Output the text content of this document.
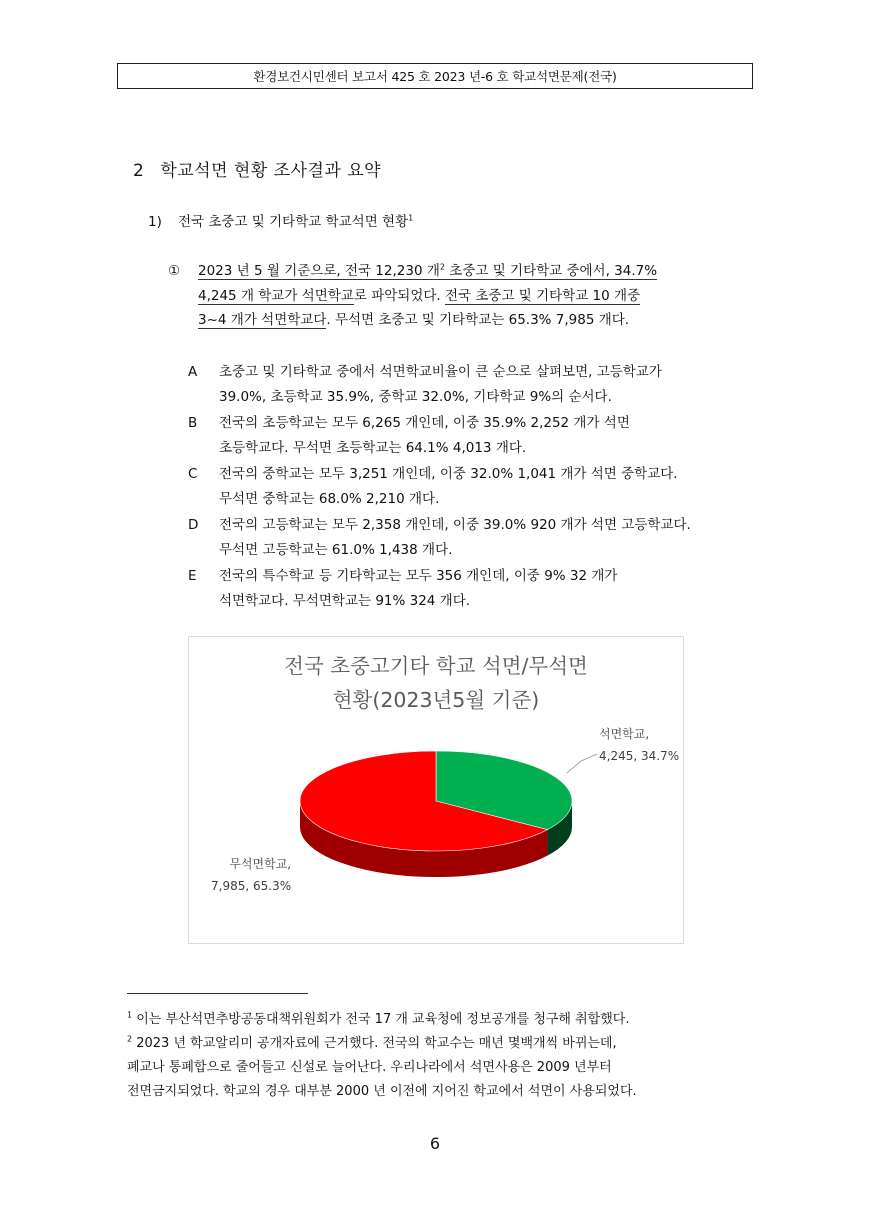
환경보건시민센터 보고서 425 호 2023 년-6 호 학교석면문제(전국)
2 학교석면 현황 조사결과 요약
1) 전국 초중고 및 기타학교 학교석면 현황$^1$
① 2023 년 5 월 기준으로, 전국 12,230 개$^2$ 초중고 및 기타학교 중에서, 34.7%
4,245 개 학교가 석면학교로 파악되었다. 전국 초중고 및 기타학교 10 개중
3~4 개가 석면학교다. 무석면 초중고 및 기타학교는 65.3% 7,985 개다.
A 초중고 및 기타학교 중에서 석면학교비율이 큰 순으로 살펴보면, 고등학교가
39.0%, 초등학교 35.9%, 중학교 32.0%, 기타학교 9%의 순서다.
B 전국의 초등학교는 모두 6,265 개인데, 이중 35.9% 2,252 개가 석면
초등학교다. 무석면 초등학교는 64.1% 4,013 개다.
C 전국의 중학교는 모두 3,251 개인데, 이중 32.0% 1,041 개가 석면 중학교다.
무석면 중학교는 68.0% 2,210 개다.
D 전국의 고등학교는 모두 2,358 개인데, 이중 39.0% 920 개가 석면 고등학교다.
무석면 고등학교는 61.0% 1,438 개다.
E 전국의 특수학교 등 기타학교는 모두 356 개인데, 이중 9% 32 개가
석면학교다. 무석면학교는 91% 324 개다.
전국 초중고기타 학교 석면/무석면
현황(2023년5월 기준)
석면학교,
4,245, 34.7%
무석면학교,
7,985, 65.3%

$^1$ 이는 부산석면추방공동대책위원회가 전국 17 개 교육청에 정보공개를 청구해 취합했다.

$^2$ 2023 년 학교알리미 공개자료에 근거했다. 전국의 학교수는 매년 몇백개씩 바뀌는데,

폐교나 통폐합으로 줄어들고 신설로 늘어난다. 우리나라에서 석면사용은 2009 년부터

전면금지되었다. 학교의 경우 대부분 2000 년 이전에 지어진 학교에서 석면이 사용되었다.

6
